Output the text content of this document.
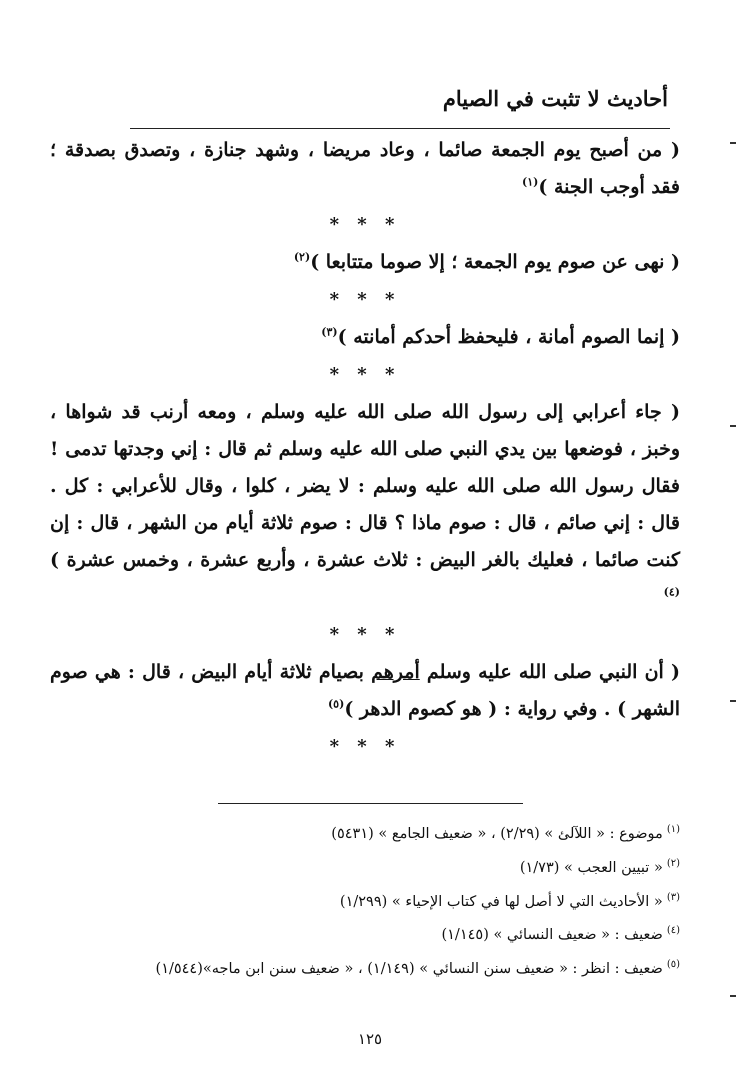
أحاديث لا تثبت في الصيام

( من أصبح يوم الجمعة صائما ، وعاد مريضا ، وشهد جنازة ، وتصدق بصدقة ؛ فقد أوجب الجنة )$^{(١)}$

* * *

( نهى عن صوم يوم الجمعة ؛ إلا صوما متتابعا )$^{(٢)}$

* * *

( إنما الصوم أمانة ، فليحفظ أحدكم أمانته )$^{(٣)}$

* * *

( جاء أعرابي إلى رسول الله صلى الله عليه وسلم ، ومعه أرنب قد شواها ، وخبز ، فوضعها بين يدي النبي صلى الله عليه وسلم ثم قال : إني وجدتها تدمى ! فقال رسول الله صلى الله عليه وسلم : لا يضر ، كلوا ، وقال للأعرابي : كل . قال : إني صائم ، قال : صوم ماذا ؟ قال : صوم ثلاثة أيام من الشهر ، قال : إن كنت صائما ، فعليك بالغر البيض : ثلاث عشرة ، وأربع عشرة ، وخمس عشرة )$^{(٤)}$

* * *

( أن النبي صلى الله عليه وسلم أمرهم بصيام ثلاثة أيام البيض ، قال : هي صوم الشهر ) . وفي رواية : ( هو كصوم الدهر )$^{(٥)}$

* * *

$^{(١)}$موضوع : « اللآلئ » (٢/٢٩) ، « ضعيف الجامع » (٥٤٣١)

$^{(٢)}$« تبيين العجب » (١/٧٣)

$^{(٣)}$« الأحاديث التي لا أصل لها في كتاب الإحياء » (١/٢٩٩)

$^{(٤)}$ضعيف : « ضعيف النسائي » (١/١٤٥)

$^{(٥)}$ضعيف : انظر : « ضعيف سنن النسائي » (١/١٤٩) ، « ضعيف سنن ابن ماجه»(١/٥٤٤)

١٢٥
